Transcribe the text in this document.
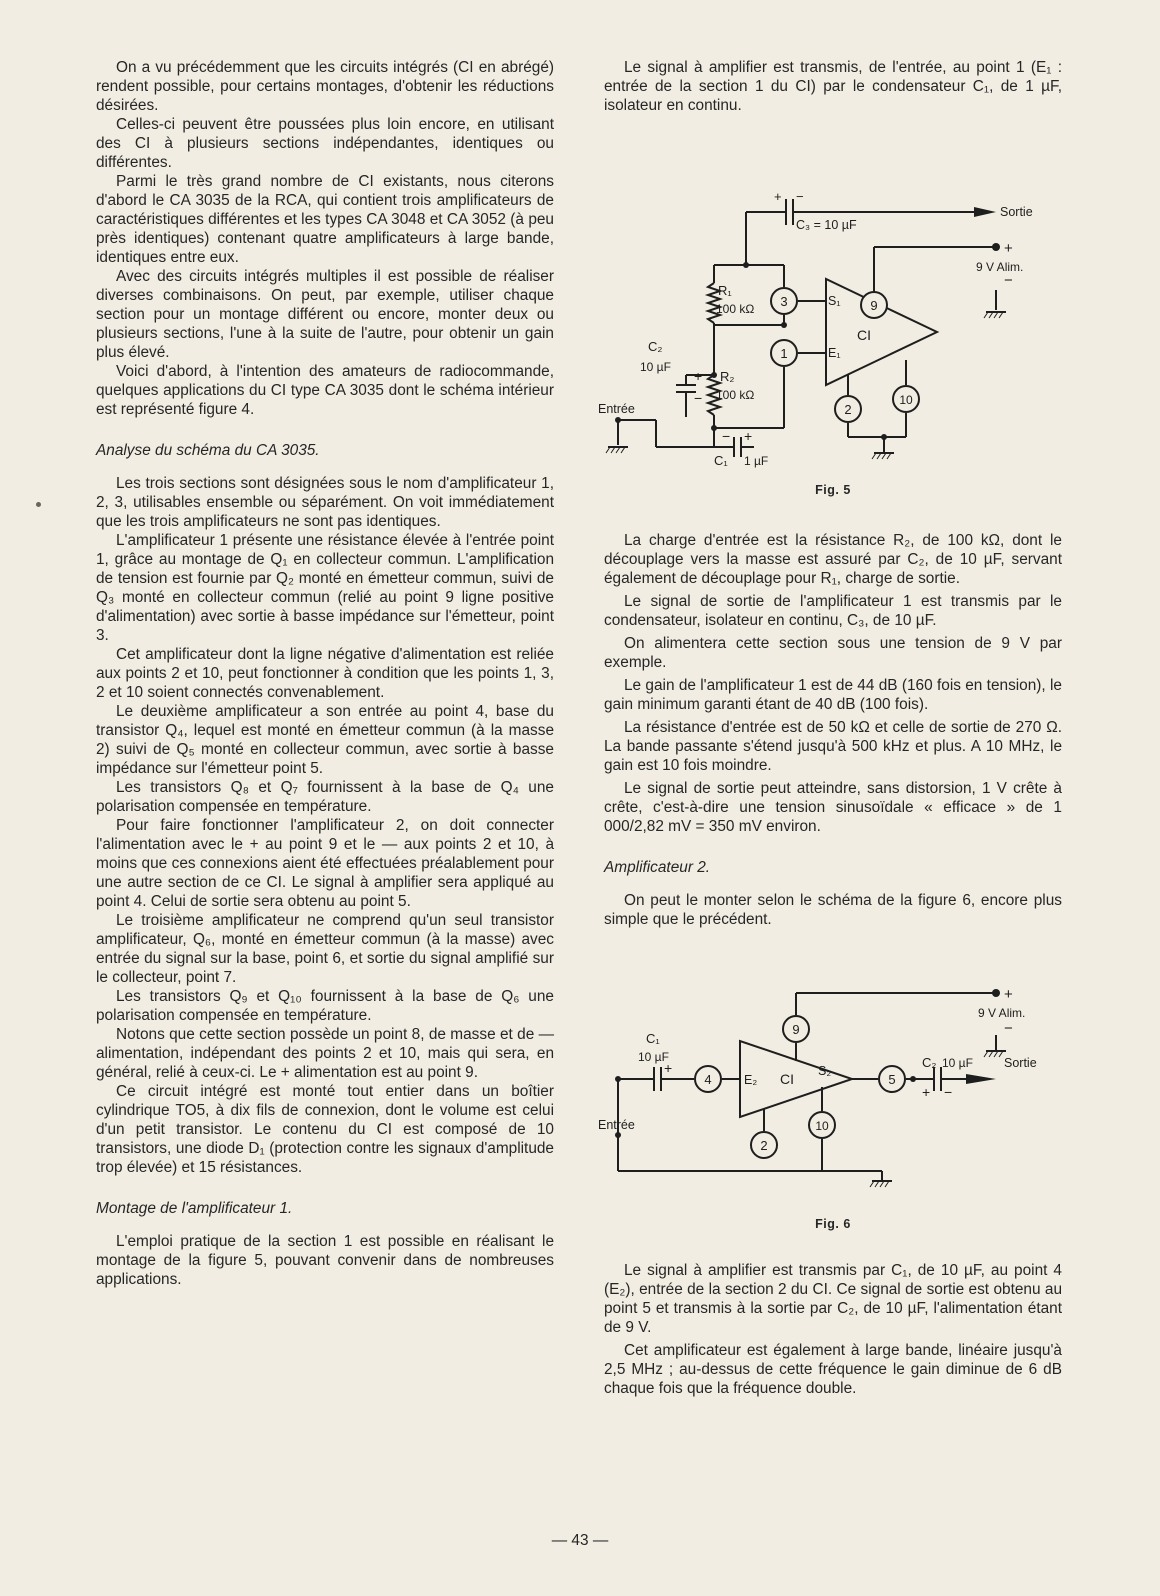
On a vu précédemment que les circuits intégrés (CI en abrégé) rendent possible, pour certains montages, d'obtenir les réductions désirées.

Celles-ci peuvent être poussées plus loin encore, en utilisant des CI à plusieurs sections indépendantes, identiques ou différentes.

Parmi le très grand nombre de CI existants, nous citerons d'abord le CA 3035 de la RCA, qui contient trois amplificateurs de caractéristiques différentes et les types CA 3048 et CA 3052 (à peu près identiques) contenant quatre amplificateurs à large bande, identiques entre eux.

Avec des circuits intégrés multiples il est possible de réaliser diverses combinaisons. On peut, par exemple, utiliser chaque section pour un montage différent ou encore, monter deux ou plusieurs sections, l'une à la suite de l'autre, pour obtenir un gain plus élevé.

Voici d'abord, à l'intention des amateurs de radiocommande, quelques applications du CI type CA 3035 dont le schéma intérieur est représenté figure 4.

Analyse du schéma du CA 3035.

Les trois sections sont désignées sous le nom d'amplificateur 1, 2, 3, utilisables ensemble ou séparément. On voit immédiatement que les trois amplificateurs ne sont pas identiques.

L'amplificateur 1 présente une résistance élevée à l'entrée point 1, grâce au montage de Q₁ en collecteur commun. L'amplification de tension est fournie par Q₂ monté en émetteur commun, suivi de Q₃ monté en collecteur commun (relié au point 9 ligne positive d'alimentation) avec sortie à basse impédance sur l'émetteur, point 3.

Cet amplificateur dont la ligne négative d'alimentation est reliée aux points 2 et 10, peut fonctionner à condition que les points 1, 3, 2 et 10 soient connectés convenablement.

Le deuxième amplificateur a son entrée au point 4, base du transistor Q₄, lequel est monté en émetteur commun (à la masse 2) suivi de Q₅ monté en collecteur commun, avec sortie à basse impédance sur l'émetteur point 5.

Les transistors Q₈ et Q₇ fournissent à la base de Q₄ une polarisation compensée en température.

Pour faire fonctionner l'amplificateur 2, on doit connecter l'alimentation avec le + au point 9 et le — aux points 2 et 10, à moins que ces connexions aient été effectuées préalablement pour une autre section de ce CI. Le signal à amplifier sera appliqué au point 4. Celui de sortie sera obtenu au point 5.

Le troisième amplificateur ne comprend qu'un seul transistor amplificateur, Q₆, monté en émetteur commun (à la masse) avec entrée du signal sur la base, point 6, et sortie du signal amplifié sur le collecteur, point 7.

Les transistors Q₉ et Q₁₀ fournissent à la base de Q₆ une polarisation compensée en température.

Notons que cette section possède un point 8, de masse et de — alimentation, indépendant des points 2 et 10, mais qui sera, en général, relié à ceux-ci. Le + alimentation est au point 9.

Ce circuit intégré est monté tout entier dans un boîtier cylindrique TO5, à dix fils de connexion, dont le volume est celui d'un petit transistor. Le contenu du CI est composé de 10 transistors, une diode D₁ (protection contre les signaux d'amplitude trop élevée) et 15 résistances.

Montage de l'amplificateur 1.

L'emploi pratique de la section 1 est possible en réalisant le montage de la figure 5, pouvant convenir dans de nombreuses applications.

Le signal à amplifier est transmis, de l'entrée, au point 1 (E₁ : entrée de la section 1 du CI) par le condensateur C₁, de 1 µF, isolateur en continu.

9
3
1
2
10
+ −
C₃ = 10 µF
Sortie
+
9 V Alim.
−
R₁
100 kΩ
R₂
100 kΩ
C₂
10 µF
+
−
CI
S₁
E₁
Entrée
− +
C₁ 1 µF
Fig. 5

La charge d'entrée est la résistance R₂, de 100 kΩ, dont le découplage vers la masse est assuré par C₂, de 10 µF, servant également de découplage pour R₁, charge de sortie.

Le signal de sortie de l'amplificateur 1 est transmis par le condensateur, isolateur en continu, C₃, de 10 µF.

On alimentera cette section sous une tension de 9 V par exemple.

Le gain de l'amplificateur 1 est de 44 dB (160 fois en tension), le gain minimum garanti étant de 40 dB (100 fois).

La résistance d'entrée est de 50 kΩ et celle de sortie de 270 Ω. La bande passante s'étend jusqu'à 500 kHz et plus. A 10 MHz, le gain est 10 fois moindre.

Le signal de sortie peut atteindre, sans distorsion, 1 V crête à crête, c'est-à-dire une tension sinusoïdale « efficace » de 1 000/2,82 mV = 350 mV environ.

Amplificateur 2.

On peut le monter selon le schéma de la figure 6, encore plus simple que le précédent.

9
4	5
2
10
+
9 V Alim.
−
C₁
10 µF
+
E₂ CI S₂
C₂ 10 µF
+ −
Sortie
Entrée
Fig. 6

Le signal à amplifier est transmis par C₁, de 10 µF, au point 4 (E₂), entrée de la section 2 du CI. Ce signal de sortie est obtenu au point 5 et transmis à la sortie par C₂, de 10 µF, l'alimentation étant de 9 V.

Cet amplificateur est également à large bande, linéaire jusqu'à 2,5 MHz ; au-dessus de cette fréquence le gain diminue de 6 dB chaque fois que la fréquence double.

— 43 —
